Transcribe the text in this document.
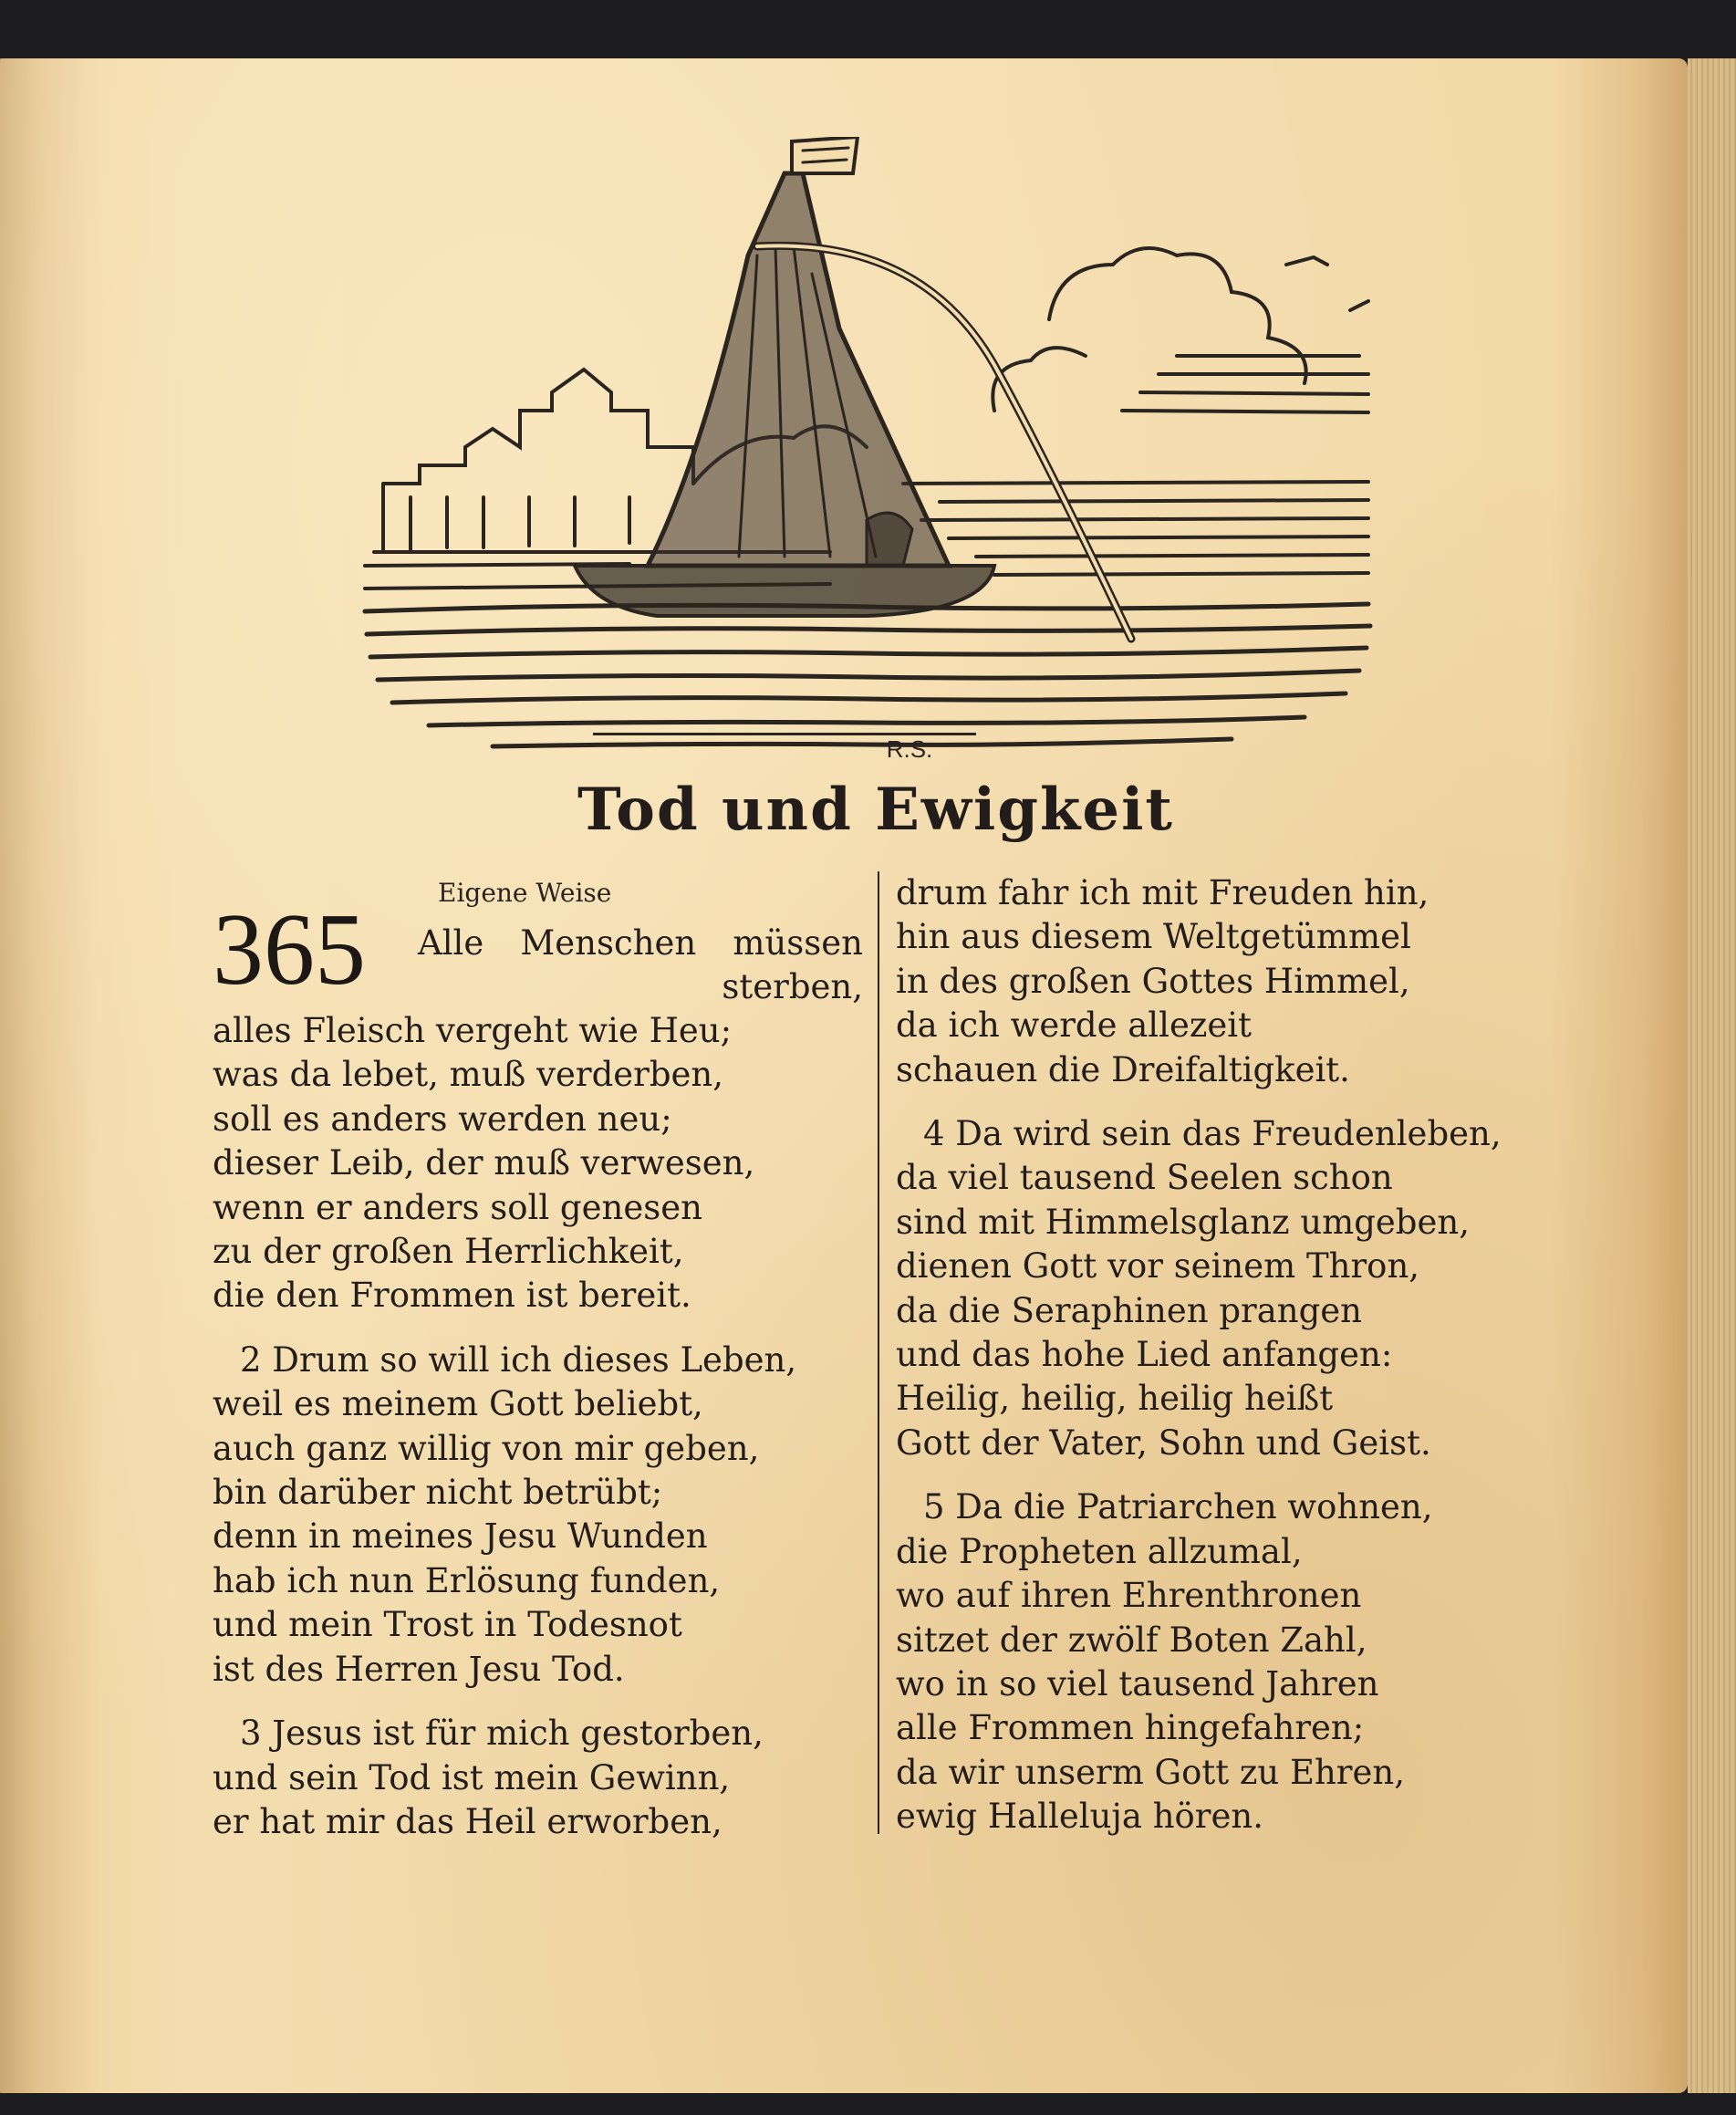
R.S.
Tod und Ewigkeit
365
Eigene Weise
Alle Menschen müssen
sterben,
alles Fleisch vergeht wie Heu;
was da lebet, muß verderben,
soll es anders werden neu;
dieser Leib, der muß verwesen,
wenn er anders soll genesen
zu der großen Herrlichkeit,
die den Frommen ist bereit.
2 Drum so will ich dieses Leben,
weil es meinem Gott beliebt,
auch ganz willig von mir geben,
bin darüber nicht betrübt;
denn in meines Jesu Wunden
hab ich nun Erlösung funden,
und mein Trost in Todesnot
ist des Herren Jesu Tod.
3 Jesus ist für mich gestorben,
und sein Tod ist mein Gewinn,
er hat mir das Heil erworben,
drum fahr ich mit Freuden hin,
hin aus diesem Weltgetümmel
in des großen Gottes Himmel,
da ich werde allezeit
schauen die Dreifaltigkeit.
4 Da wird sein das Freudenleben,
da viel tausend Seelen schon
sind mit Himmelsglanz umgeben,
dienen Gott vor seinem Thron,
da die Seraphinen prangen
und das hohe Lied anfangen:
Heilig, heilig, heilig heißt
Gott der Vater, Sohn und Geist.
5 Da die Patriarchen wohnen,
die Propheten allzumal,
wo auf ihren Ehrenthronen
sitzet der zwölf Boten Zahl,
wo in so viel tausend Jahren
alle Frommen hingefahren;
da wir unserm Gott zu Ehren,
ewig Halleluja hören.
